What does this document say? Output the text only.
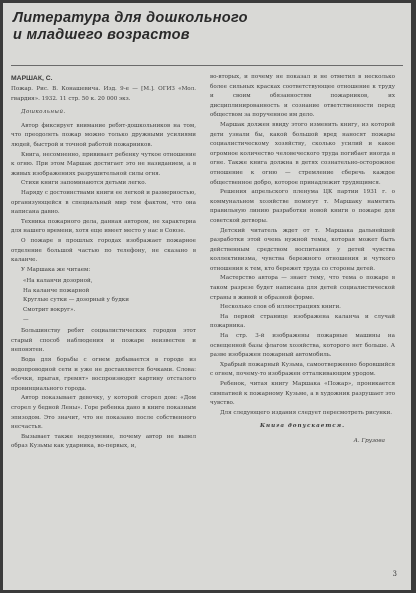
Литература для дошкольного
и младшего возрастов

МАРШАК, С.

Пожар. Рис. В. Конашевича. Изд. 9-е — [М.]. ОГИЗ «Мол. гвардия». 1932. 11 стр. 50 к. 20 000 экз.

Дошкольный.

Автор фиксирует внимание ребят-дошкольников на том, что преодолеть пожар можно только дружными усилиями людей, быстрой и точной работой пожарников.

Книга, несомненно, прививает ребенку чуткое отношение к огню. При этом Маршак достигает это не назиданием, а в живых изображениях разрушительной силы огня.

Стихи книги запоминаются детьми легко.

Наряду с достоинствами книги ее легкой и размерностью, организующейся в специальный мир тем фактом, что она написана давно.

Техника пожарного дела, данная автором, не характерна для нашего времени, хотя еще имеет место у нас в Союзе.

О пожаре в прошлых городах изображает пожарное отделение большой частью по телефону, не сказано в каланче.

У Маршака же читаем:

«На каланчи дозорной,
На каланче пожарной
Круглые сутки — дозорный у будки
Смотрит вокруг».
—

Большинству ребят социалистических городов этот старый способ наблюдения и пожаре неизвестен и непонятен.

Вода для борьбы с огнем добывается в городе из водопроводной сети и уже не доставляется бочками. Слова: «бочки, прыгая, гремят» воспроизводят картину отсталого провинциального города.

Автор показывает девочку, у которой сгорел дом: «Дом сгорел у бедной Лены». Горе ребенка дано в книге показным эпизодом. Это значит, что не показано после собственного несчастья.

Вызывает также недоумение, почему автор не вывел образ Кузьмы как ударника, во-первых, и,

во-вторых, и почему не показал и не отметил в несколько более сильных красках соответствующее отношение к труду и своим обязанностям пожарников, их дисциплинированность и сознание ответственности перед обществом за порученное им дело.

Маршак должен ввиду этого изменить книгу, из которой дети узнали бы, какой большой вред наносят пожары социалистическому хозяйству, сколько усилий и какое огромное количество человеческого труда погибает иногда в огне. Также книга должна в детях сознательно-осторожное отношение к огню — стремление сберечь каждое общественное добро, которое принадлежит трудящимся.

Решения апрельского пленума ЦК партии 1931 г. о коммунальном хозяйстве помогут т. Маршаку наметить правильную линию разработки новой книги о пожаре для советской детворы.

Детский читатель ждет от т. Маршака дальнейшей разработки этой очень нужной темы, которая может быть действенным средством воспитания у детей чувства коллективизма, чувства бережного отношения и чуткого отношения к тем, кто бережет труда со стороны детей.

Мастерство автора — знает тему, что тема о пожаре в таком разрезе будет написана для детей социалистической страны в живой и образной форме.

Несколько слов об иллюстрациях книги.

На первой странице изображена каланча и случай пожарника.

На стр. 3-й изображены пожарные машины на освещенной базы флагом хозяйства, которого нет больше. А разве изображен пожарный автомобиль.

Храбрый пожарный Кузьма, самоотверженно боровшийся с огнем, почему-то изображен отталкивающим уродом.

Ребенок, читая книгу Маршака «Пожар», проникается симпатией к пожарному Кузьме, а в художник разрушает это чувство.

Для следующего издания следует пересмотреть рисунки.

Книга допускается.

А. Грузова

3
